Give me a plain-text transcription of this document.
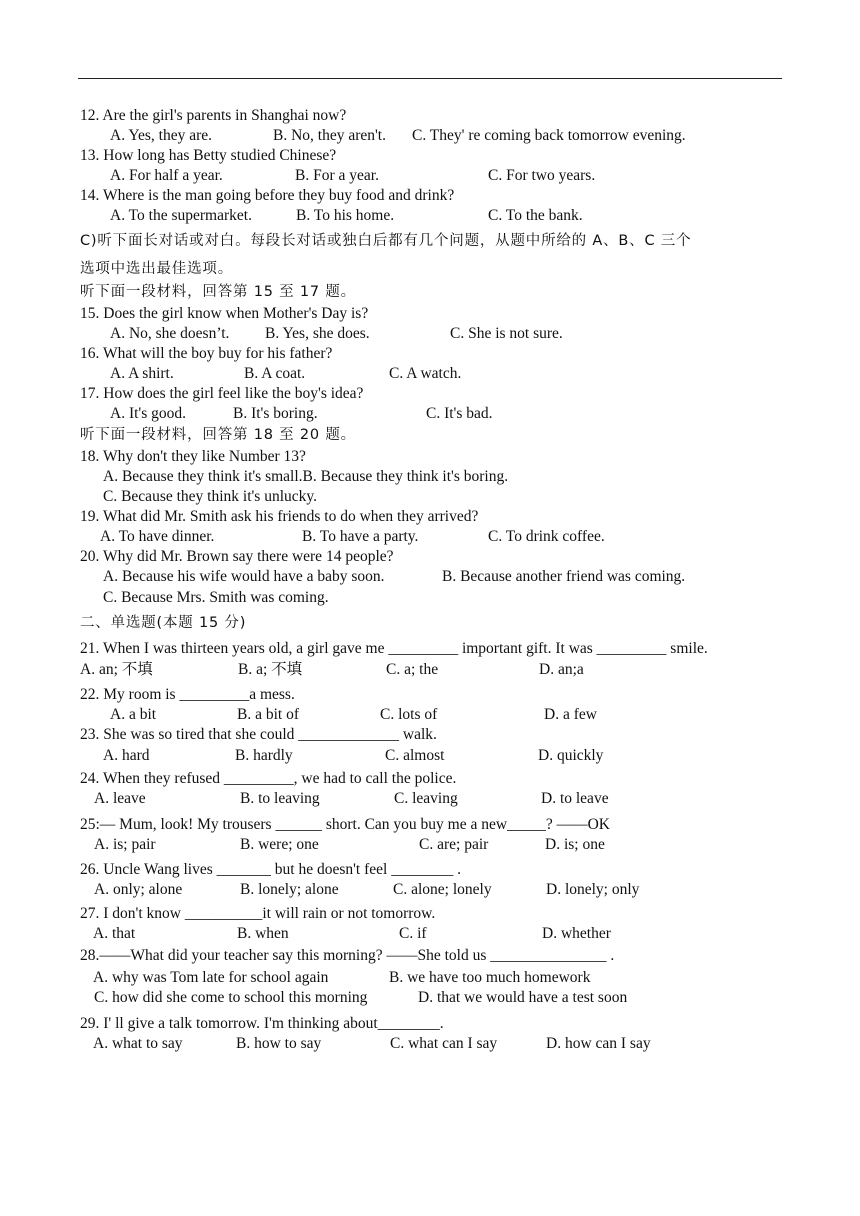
12. Are the girl's parents in Shanghai now?
A. Yes, they are.	B. No, they aren't. C. They' re coming back tomorrow evening.
13. How long has Betty studied Chinese?
A. For half a year.	B. For a year.	C. For two years.
14. Where is the man going before they buy food and drink?
A. To the supermarket.	B. To his home.	C. To the bank.
C)听下面长对话或对白。每段长对话或独白后都有几个问题，从题中所给的 A、B、C 三个
选项中选出最佳选项。
听下面一段材料，回答第 15 至 17 题。
15. Does the girl know when Mother's Day is?
A. No, she doesn’t. B. Yes, she does.	C. She is not sure.
16. What will the boy buy for his father?
A. A shirt.	B. A coat.	C. A watch.
17. How does the girl feel like the boy's idea?
A. It's good.	B. It's boring.	C. It's bad.
听下面一段材料，回答第 18 至 20 题。
18. Why don't they like Number 13?
A. Because they think it's small.B. Because they think it's boring.
C. Because they think it's unlucky.
19. What did Mr. Smith ask his friends to do when they arrived?
A. To have dinner.	B. To have a party.	C. To drink coffee.
20. Why did Mr. Brown say there were 14 people?
A. Because his wife would have a baby soon.	B. Because another friend was coming.
C. Because Mrs. Smith was coming.
二、单选题(本题 15 分)
21. When I was thirteen years old, a girl gave me _________ important gift. It was _________ smile.
A. an; 不填	B. a; 不填	C. a; the	D. an;a
22. My room is _________a mess.
A. a bit	B. a bit of	C. lots of	D. a few
23. She was so tired that she could _____________ walk.
A. hard	B. hardly	C. almost	D. quickly
24. When they refused _________, we had to call the police.
A. leave	B. to leaving	C. leaving	D. to leave
25:— Mum, look! My trousers ______ short. Can you buy me a new_____? ——OK
A. is; pair	B. were; one	C. are; pair	D. is; one
26. Uncle Wang lives _______ but he doesn't feel ________ .
A. only; alone	B. lonely; alone	C. alone; lonely	D. lonely; only
27. I don't know __________it will rain or not tomorrow.
A. that	B. when	C. if	D. whether
28.——What did your teacher say this morning? ——She told us _______________ .
A. why was Tom late for school again	B. we have too much homework
C. how did she come to school this morning	D. that we would have a test soon
29. I' ll give a talk tomorrow. I'm thinking about________.
A. what to say	B. how to say	C. what can I say	D. how can I say
